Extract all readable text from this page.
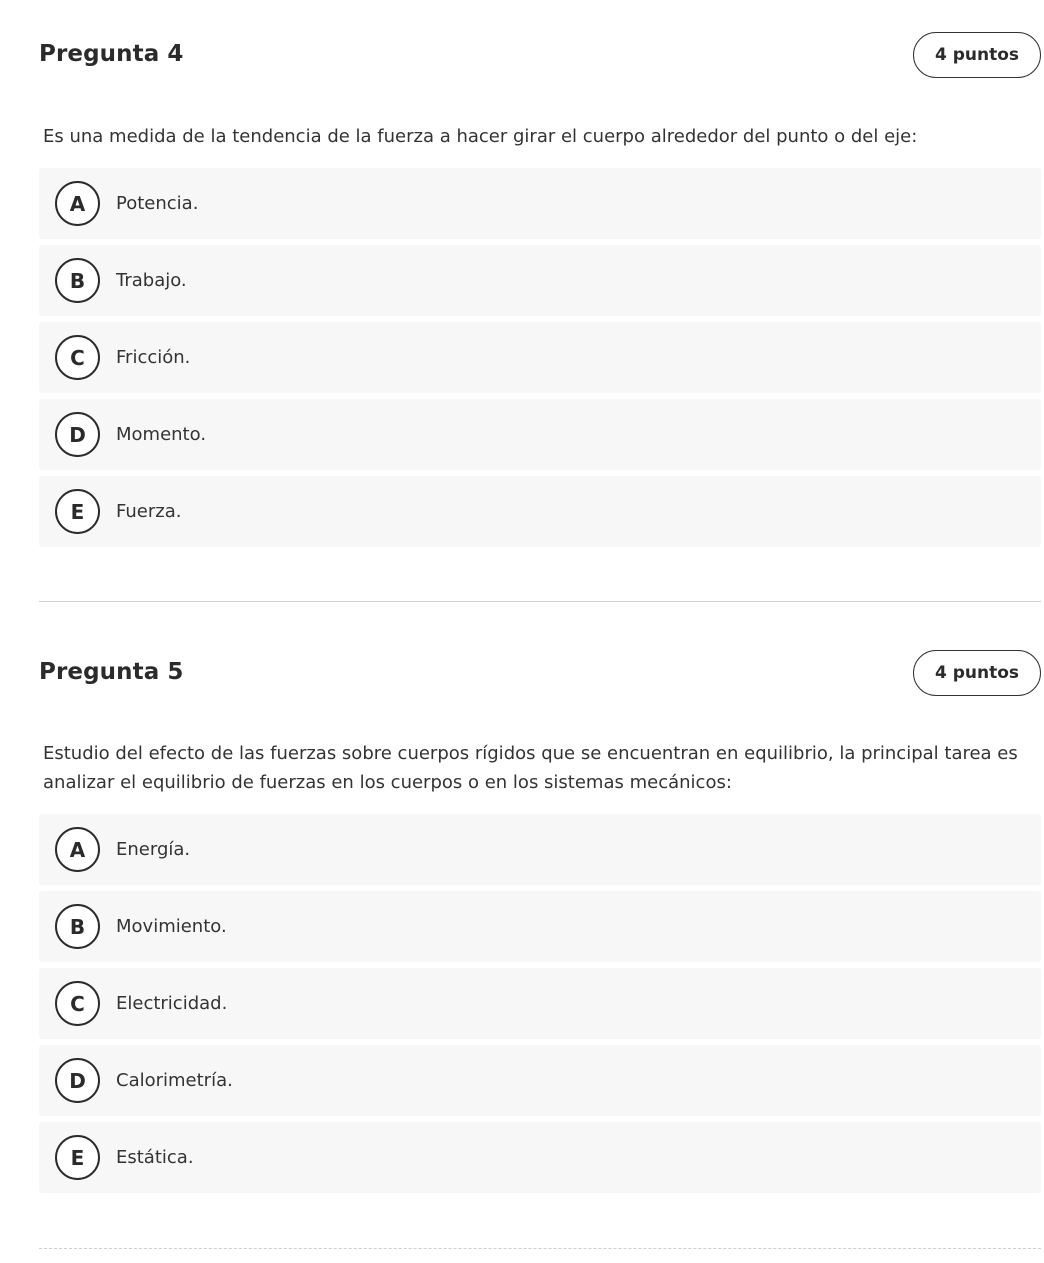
Pregunta 4	4 puntos

Es una medida de la tendencia de la fuerza a hacer girar el cuerpo alrededor del punto o del eje:

A	Potencia.
B	Trabajo.
C	Fricción.
D	Momento.
E	Fuerza.
Pregunta 5	4 puntos

Estudio del efecto de las fuerzas sobre cuerpos rígidos que se encuentran en equilibrio, la principal tarea es analizar el equilibrio de fuerzas en los cuerpos o en los sistemas mecánicos:

A	Energía.
B	Movimiento.
C	Electricidad.
D	Calorimetría.
E	Estática.
